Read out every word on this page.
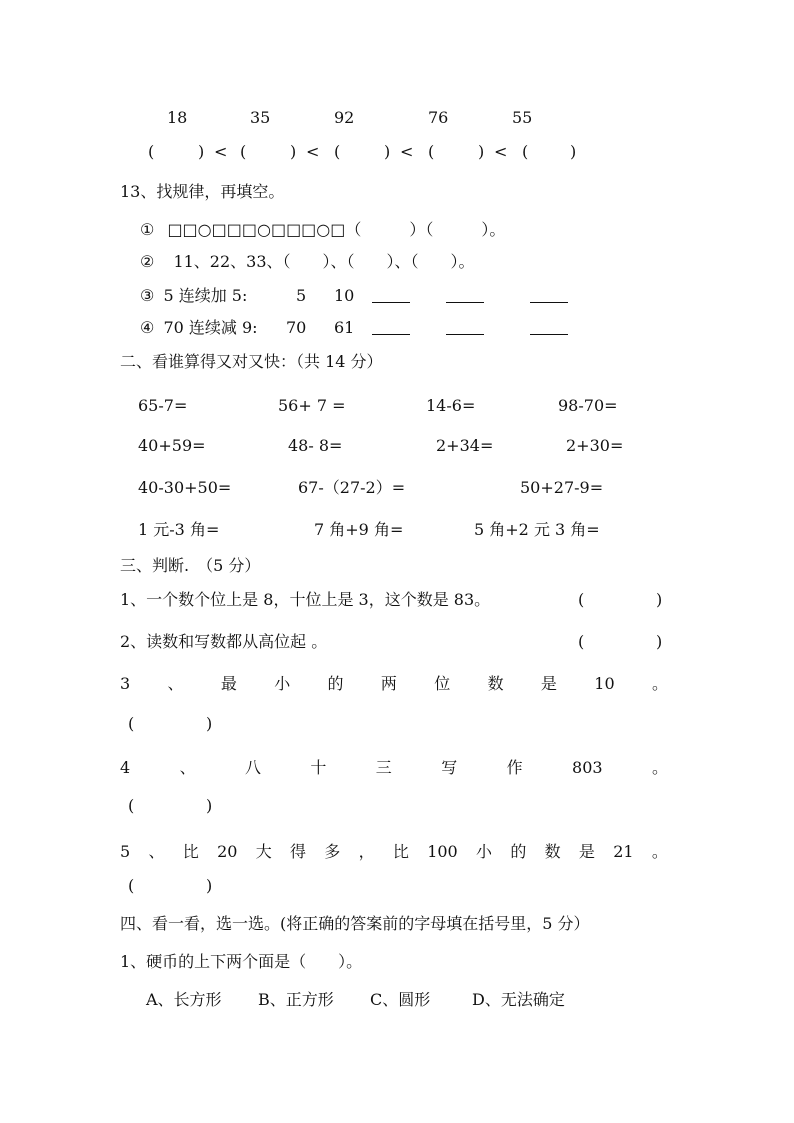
18	35	92	76	55
(	) < (	) < (	) < (	) < (	)
13、找规律，再填空。
① □□○□□□○□□□○□（　　　）（　　　）。
② 11、22、33、（　　）、（　　）、（　　）。
③ 5 连续加 5:	5 10
④ 70 连续减 9: 70 61
二、看谁算得又对又快：（共 14 分）
65-7=	56+ 7 =	14-6=	98-70=
40+59=	48- 8=	2+34=	2+30=
40-30+50=	67-（27-2）=	50+27-9=
1 元-3 角=	7 角+9 角=	5 角+2 元 3 角=
三、判断.　（5 分）
1、一个数个位上是 8，十位上是 3，这个数是 83。	(	)
2、读数和写数都从高位起 。	(	)
3 、 最 小 的 两 位 数 是 10 。
(	)
4	、	八	十	三	写	作	803	。
(	)
5 、 比 20 大 得 多 ， 比 100 小 的 数 是 21 。
(	)
四、看一看，选一选。(将正确的答案前的字母填在括号里，5 分）
1、硬币的上下两个面是（　　）。
A、长方形 B、正方形 C、圆形	D、无法确定
